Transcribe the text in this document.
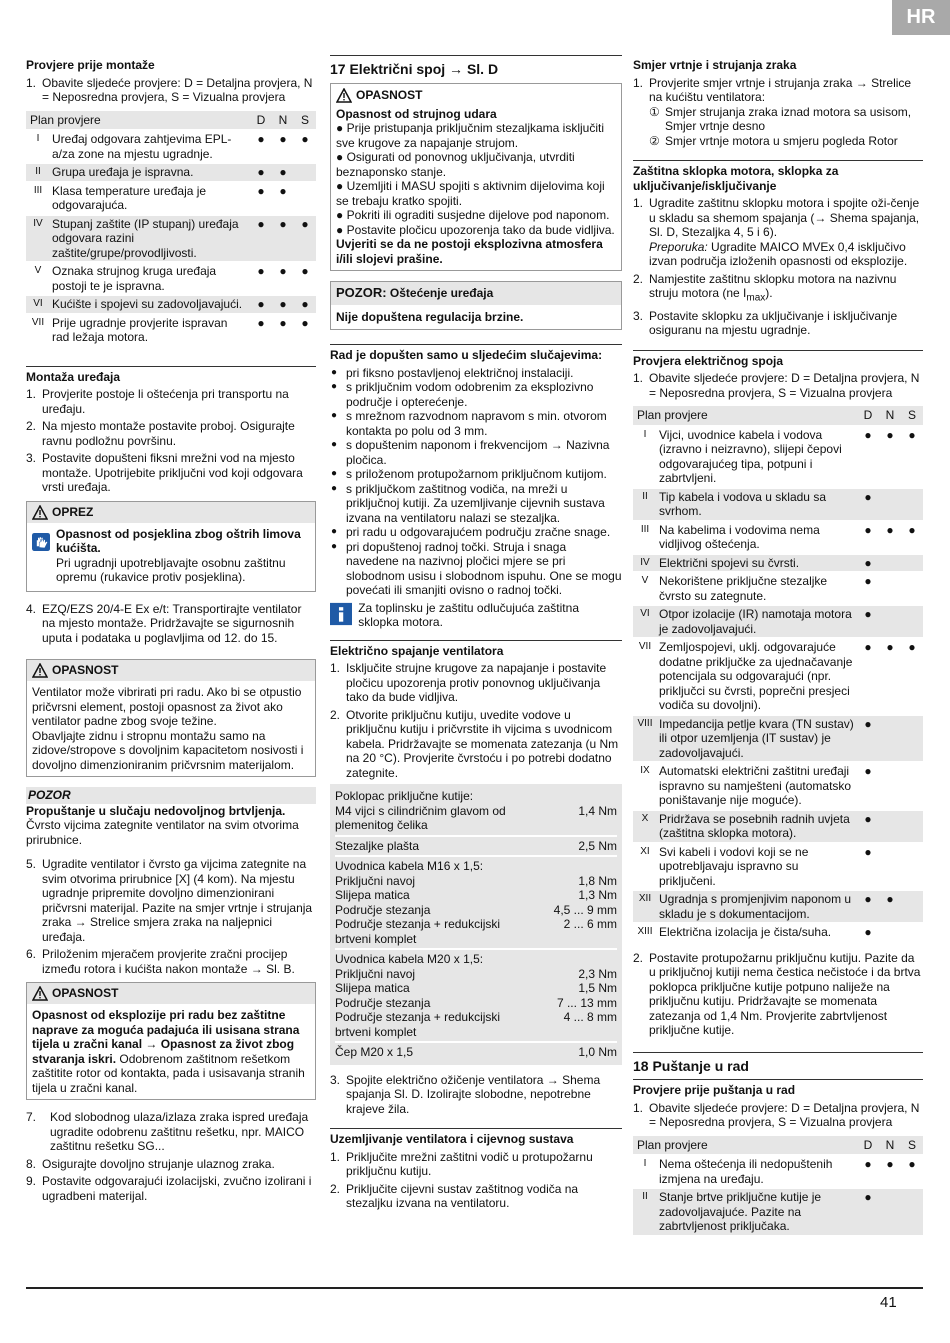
HR
Provjere prije montaže
1. Obavite sljedeće provjere: D = Detaljna provjera, N = Neposredna provjera, S = Vizualna provjera
Plan provjere		D	N	S
I	Uređaj odgovara zahtjevima EPL-a/za zone na mjestu ugradnje.	●	●	●
II	Grupa uređaja je ispravna.	●	●	
III	Klasa temperature uređaja je odgovarajuća.	●	●	
IV	Stupanj zaštite (IP stupanj) uređaja odgovara razini zaštite/grupe/provodljivosti.	●	●	●
V	Oznaka strujnog kruga uređaja postoji te je ispravna.	●	●	●
VI	Kućište i spojevi su zadovoljavajući.	●	●	●
VII	Prije ugradnje provjerite ispravan rad ležaja motora.	●	●	●
Montaža uređaja
1. Provjerite postoje li oštećenja pri transportu na uređaju.
2. Na mjesto montaže postavite proboj. Osigurajte ravnu podložnu površinu.
3. Postavite dopušteni fiksni mrežni vod na mjesto montaže. Upotrijebite priključni vod koji odgovara vrsti uređaja.
OPREZ
Opasnost od posjeklina zbog oštrih limova kućišta.
Pri ugradnji upotrebljavajte osobnu zaštitnu opremu (rukavice protiv posjeklina).
4. EZQ/EZS 20/4-E Ex e/t: Transportirajte ventilator na mjesto montaže. Pridržavajte se sigurnosnih uputa i podataka u poglavljima od 12. do 15.
OPASNOST
Ventilator može vibrirati pri radu. Ako bi se otpustio pričvrsni element, postoji opasnost za život ako ventilator padne zbog svoje težine.
Obavljajte zidnu i stropnu montažu samo na zidove/stropove s dovoljnim kapacitetom nosivosti i dovoljno dimenzioniranim pričvrsnim materijalom.
POZOR
Propuštanje u slučaju nedovoljnog brtvljenja.
Čvrsto vijcima zategnite ventilator na svim otvorima prirubnice.
5. Ugradite ventilator i čvrsto ga vijcima zategnite na svim otvorima prirubnice [X] (4 kom). Na mjestu ugradnje pripremite dovoljno dimenzionirani pričvrsni materijal. Pazite na smjer vrtnje i strujanja zraka → Strelice smjera zraka na naljepnici uređaja.
6. Priloženim mjeračem provjerite zračni procijep između rotora i kućišta nakon montaže → Sl. B.
OPASNOST
Opasnost od eksplozije pri radu bez zaštitne naprave za moguća padajuća ili usisana strana tijela u zračni kanal → Opasnost za život zbog stvaranja iskri. Odobrenom zaštitnom rešetkom zaštitite rotor od kontakta, pada i usisavanja stranih tijela u zračni kanal.
7. Kod slobodnog ulaza/izlaza zraka ispred uređaja ugradite odobrenu zaštitnu rešetku, npr. MAICO zaštitnu rešetku SG...
8. Osigurajte dovoljno strujanje ulaznog zraka.
9. Postavite odgovarajući izolacijski, zvučno izolirani i ugradbeni materijal.
17 Električni spoj → Sl. D
OPASNOST
Opasnost od strujnog udara
● Prije pristupanja priključnim stezaljkama isključiti sve krugove za napajanje strujom.
● Osigurati od ponovnog uključivanja, utvrditi beznaponsko stanje.
● Uzemljiti i MASU spojiti s aktivnim dijelovima koji se trebaju kratko spojiti.
● Pokriti ili ograditi susjedne dijelove pod naponom.
● Postavite pločicu upozorenja tako da bude vidljiva.
Uvjeriti se da ne postoji eksplozivna atmosfera i/ili slojevi prašine.
POZOR: Oštećenje uređaja
Nije dopuštena regulacija brzine.
Rad je dopušten samo u sljedećim slučajevima:
● pri fiksno postavljenoj električnoj instalaciji.
● s priključnim vodom odobrenim za eksplozivno područje i opterećenje.
● s mrežnom razvodnom napravom s min. otvorom kontakta po polu od 3 mm.
● s dopuštenim naponom i frekvencijom → Nazivna pločica.
● s priloženom protupožarnom priključnom kutijom.
● s priključkom zaštitnog vodiča, na mreži u priključnoj kutiji. Za uzemljivanje cijevnih sustava izvana na ventilatoru nalazi se stezaljka.
● pri radu u odgovarajućem području zračne snage.
● pri dopuštenoj radnoj točki. Struja i snaga navedene na nazivnoj pločici mjere se pri slobodnom usisu i slobodnom ispuhu. One se mogu povećati ili smanjiti ovisno o radnoj točki.
Za toplinsku je zaštitu odlučujuća zaštitna sklopka motora.
Električno spajanje ventilatora
1. Isključite strujne krugove za napajanje i postavite pločicu upozorenja protiv ponovnog uključivanja tako da bude vidljiva.
2. Otvorite priključnu kutiju, uvedite vodove u priključnu kutiju i pričvrstite ih vijcima s uvodnicom kabela. Pridržavajte se momenata zatezanja (u Nm na 20 °C). Provjerite čvrstoću i po potrebi dodatno zategnite.
Poklopac priključne kutije:
M4 vijci s cilindričnim glavom od plemenitog čelika
1,4 Nm
Stezaljke plašta	2,5 Nm
Uvodnica kabela M16 x 1,5:
Priključni navoj	1,8 Nm
Slijepa matica	1,3 Nm
Područje stezanja	4,5 ... 9 mm
Područje stezanja + redukcijski brtveni komplet
2 ... 6 mm
Uvodnica kabela M20 x 1,5:
Priključni navoj	2,3 Nm
Slijepa matica	1,5 Nm
Područje stezanja	7 ... 13 mm
Područje stezanja + redukcijski brtveni komplet
4 ... 8 mm
Čep M20 x 1,5	1,0 Nm
3. Spojite električno ožičenje ventilatora → Shema spajanja Sl. D. Izolirajte slobodne, nepotrebne krajeve žila.
Uzemljivanje ventilatora i cijevnog sustava
1. Priključite mrežni zaštitni vodič u protupožarnu priključnu kutiju.
2. Priključite cijevni sustav zaštitnog vodiča na stezaljku izvana na ventilatoru.
Smjer vrtnje i strujanja zraka
1. Provjerite smjer vrtnje i strujanja zraka → Strelice na kućištu ventilatora:
① Smjer strujanja zraka iznad motora sa usisom, Smjer vrtnje desno
② Smjer vrtnje motora u smjeru pogleda Rotor
Zaštitna sklopka motora, sklopka za uključivanje/isključivanje
1. Ugradite zaštitnu sklopku motora i spojite oži-čenje u skladu sa shemom spajanja (→ Shema spajanja, Sl. D, Stezaljka 4, 5 i 6).
Preporuka: Ugradite MAICO MVEx 0,4 isključivo izvan područja izloženih opasnosti od eksplozije.
2. Namjestite zaštitnu sklopku motora na nazivnu struju motora (ne $I_{max}$).
3. Postavite sklopku za uključivanje i isključivanje osiguranu na mjestu ugradnje.
Provjera električnog spoja
1. Obavite sljedeće provjere: D = Detaljna provjera, N = Neposredna provjera, S = Vizualna provjera
Plan provjere		D	N	S
I	Vijci, uvodnice kabela i vodova (izravno i neizravno), slijepi čepovi odgovarajućeg tipa, potpuni i zabrtvljeni.	●	●	●
II	Tip kabela i vodova u skladu sa svrhom.	●		
III	Na kabelima i vodovima nema vidljivog oštećenja.	●	●	●
IV	Električni spojevi su čvrsti.	●		
V	Nekorištene priključne stezaljke čvrsto su zategnute.	●		
VI	Otpor izolacije (IR) namotaja motora je zadovoljavajući.	●		
VII	Zemljospojevi, uklj. odgovarajuće dodatne priključke za ujednačavanje potencijala su odgovarajući (npr. priključci su čvrsti, poprečni presjeci vodiča su dovoljni).	●	●	●
VIII	Impedancija petlje kvara (TN sustav) ili otpor uzemljenja (IT sustav) je zadovoljavajući.	●		
IX	Automatski električni zaštitni uređaji ispravno su namješteni (automatsko poništavanje nije moguće).	●		
X	Pridržava se posebnih radnih uvjeta (zaštitna sklopka motora).	●		
XI	Svi kabeli i vodovi koji se ne upotrebljavaju ispravno su priključeni.	●		
XII	Ugradnja s promjenjivim naponom u skladu je s dokumentacijom.	●	●	
XIII	Električna izolacija je čista/suha.	●		
2. Postavite protupožarnu priključnu kutiju. Pazite da u priključnoj kutiji nema čestica nečistoće i da brtva poklopca priključne kutije potpuno naliježe na priključnu kutiju. Pridržavajte se momenata zatezanja od 1,4 Nm. Provjerite zabrtvljenost priključne kutije.
18 Puštanje u rad
Provjere prije puštanja u rad
1. Obavite sljedeće provjere: D = Detaljna provjera, N = Neposredna provjera, S = Vizualna provjera
Plan provjere		D	N	S
I	Nema oštećenja ili nedopuštenih izmjena na uređaju.	●	●	●
II	Stanje brtve priključne kutije je zadovoljavajuće. Pazite na zabrtvljenost priključaka.	●		
41
